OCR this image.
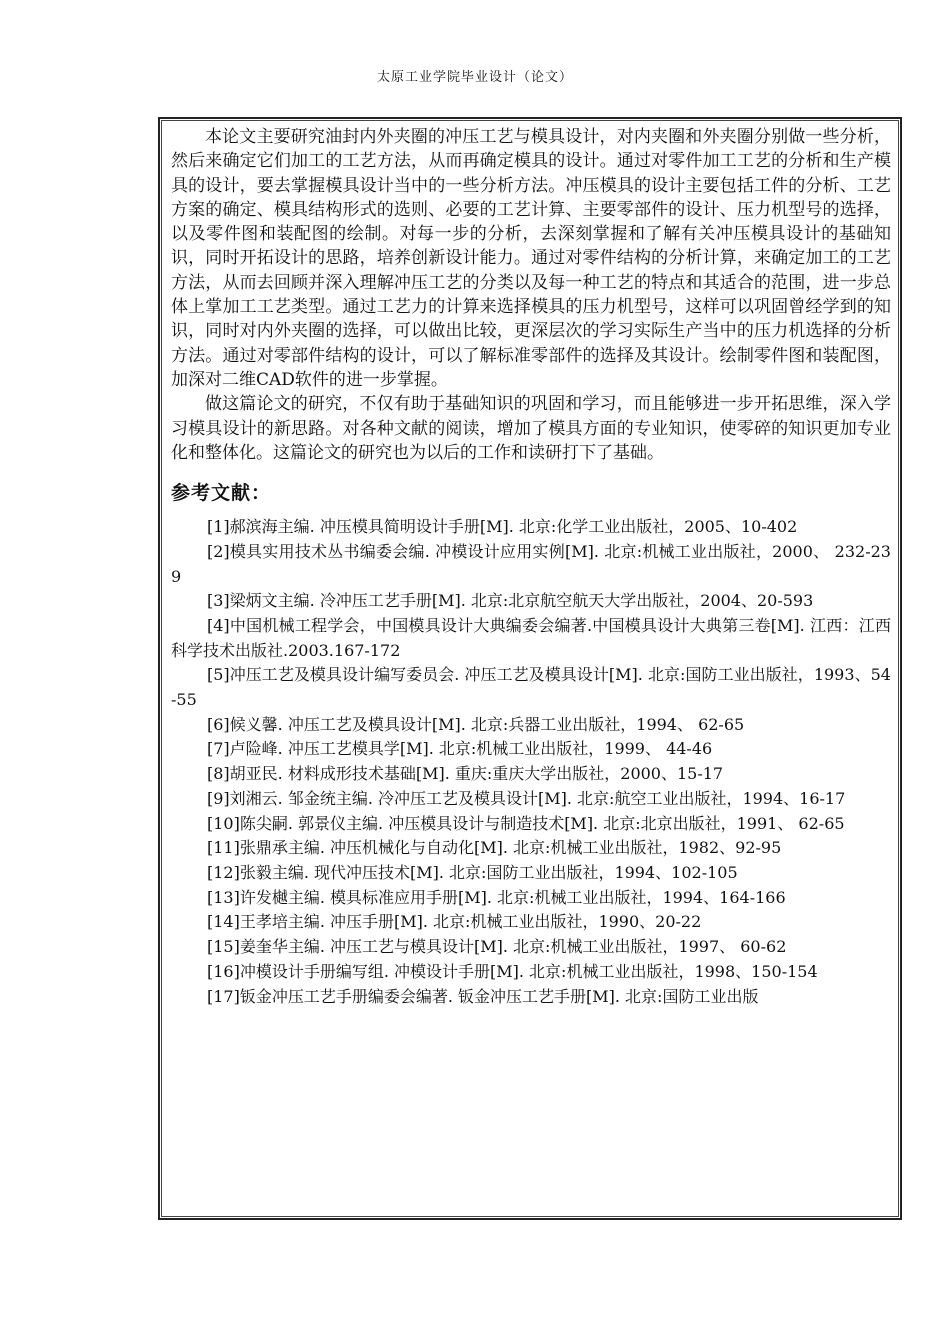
太原工业学院毕业设计（论文）

本论文主要研究油封内外夹圈的冲压工艺与模具设计，对内夹圈和外夹圈分别做一些分析，然后来确定它们加工的工艺方法，从而再确定模具的设计。通过对零件加工工艺的分析和生产模具的设计，要去掌握模具设计当中的一些分析方法。冲压模具的设计主要包括工件的分析、工艺方案的确定、模具结构形式的选则、必要的工艺计算、主要零部件的设计、压力机型号的选择，以及零件图和装配图的绘制。对每一步的分析，去深刻掌握和了解有关冲压模具设计的基础知识，同时开拓设计的思路，培养创新设计能力。通过对零件结构的分析计算，来确定加工的工艺方法，从而去回顾并深入理解冲压工艺的分类以及每一种工艺的特点和其适合的范围，进一步总体上掌加工工艺类型。通过工艺力的计算来选择模具的压力机型号，这样可以巩固曾经学到的知识，同时对内外夹圈的选择，可以做出比较，更深层次的学习实际生产当中的压力机选择的分析方法。通过对零部件结构的设计，可以了解标准零部件的选择及其设计。绘制零件图和装配图，加深对二维CAD软件的进一步掌握。

做这篇论文的研究，不仅有助于基础知识的巩固和学习，而且能够进一步开拓思维，深入学习模具设计的新思路。对各种文献的阅读，增加了模具方面的专业知识，使零碎的知识更加专业化和整体化。这篇论文的研究也为以后的工作和读研打下了基础。

参考文献：

[1]郝滨海主编. 冲压模具简明设计手册[M]. 北京:化学工业出版社，2005、10-402

[2]模具实用技术丛书编委会编. 冲模设计应用实例[M]. 北京:机械工业出版社，2000、 232-239

[3]梁炳文主编. 冷冲压工艺手册[M]. 北京:北京航空航天大学出版社，2004、20-593

[4]中国机械工程学会，中国模具设计大典编委会编著.中国模具设计大典第三卷[M]. 江西：江西科学技术出版社.2003.167-172

[5]冲压工艺及模具设计编写委员会. 冲压工艺及模具设计[M]. 北京:国防工业出版社，1993、54-55

[6]候义馨. 冲压工艺及模具设计[M]. 北京:兵器工业出版社，1994、 62-65

[7]卢险峰. 冲压工艺模具学[M]. 北京:机械工业出版社，1999、 44-46

[8]胡亚民. 材料成形技术基础[M]. 重庆:重庆大学出版社，2000、15-17

[9]刘湘云. 邹金统主编. 冷冲压工艺及模具设计[M]. 北京:航空工业出版社，1994、16-17

[10]陈尖嗣. 郭景仪主编. 冲压模具设计与制造技术[M]. 北京:北京出版社，1991、 62-65

[11]张鼎承主编. 冲压机械化与自动化[M]. 北京:机械工业出版社，1982、92-95

[12]张毅主编. 现代冲压技术[M]. 北京:国防工业出版社，1994、102-105

[13]许发樾主编. 模具标准应用手册[M]. 北京:机械工业出版社，1994、164-166

[14]王孝培主编. 冲压手册[M]. 北京:机械工业出版社，1990、20-22

[15]姜奎华主编. 冲压工艺与模具设计[M]. 北京:机械工业出版社，1997、 60-62

[16]冲模设计手册编写组. 冲模设计手册[M]. 北京:机械工业出版社，1998、150-154

[17]钣金冲压工艺手册编委会编著. 钣金冲压工艺手册[M]. 北京:国防工业出版
